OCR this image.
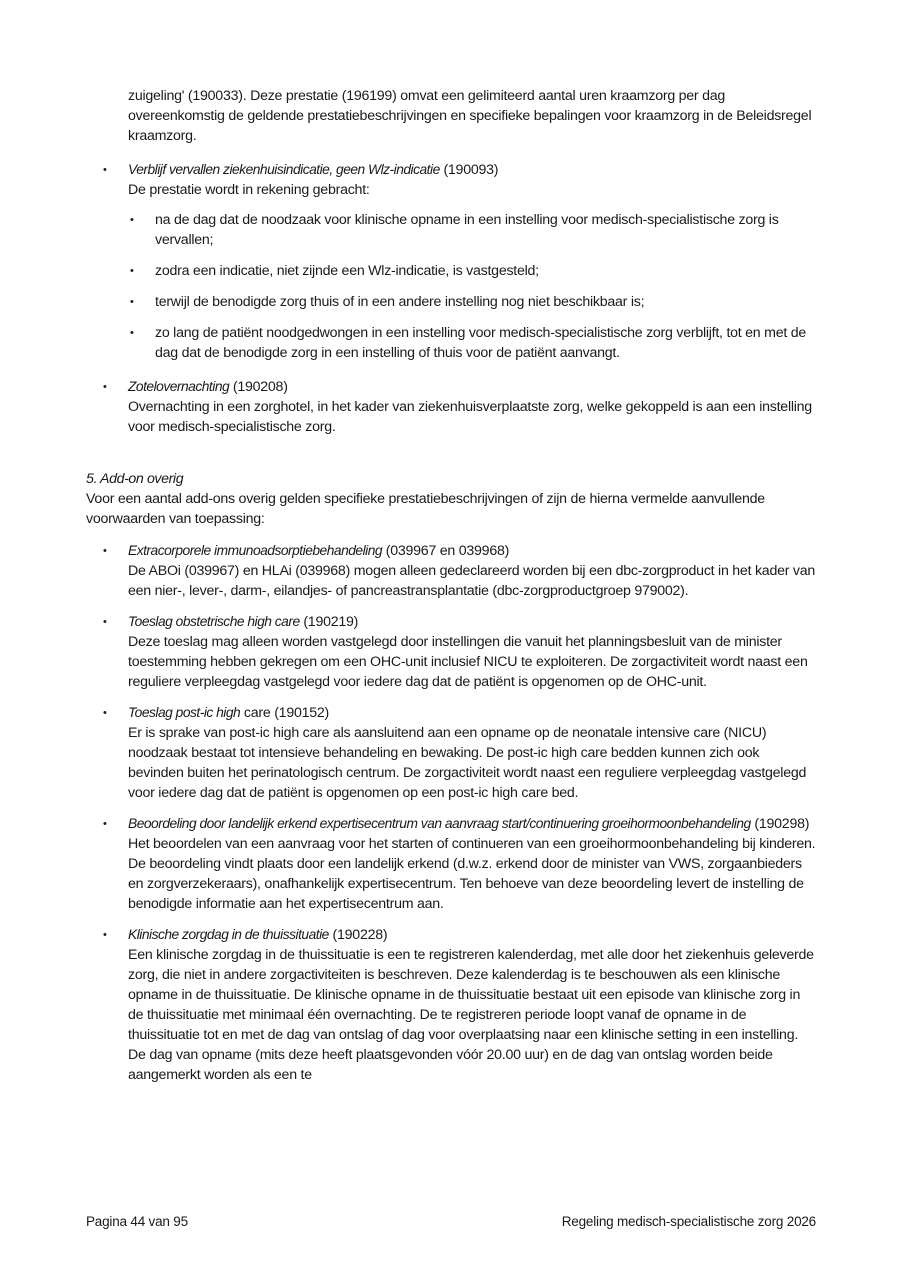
zuigeling' (190033). Deze prestatie (196199) omvat een gelimiteerd aantal uren kraamzorg per dag overeenkomstig de geldende prestatiebeschrijvingen en specifieke bepalingen voor kraamzorg in de Beleidsregel kraamzorg.

• Verblijf vervallen ziekenhuisindicatie, geen Wlz-indicatie (190093)

De prestatie wordt in rekening gebracht:

• na de dag dat de noodzaak voor klinische opname in een instelling voor medisch-specialistische zorg is vervallen;
• zodra een indicatie, niet zijnde een Wlz-indicatie, is vastgesteld;
• terwijl de benodigde zorg thuis of in een andere instelling nog niet beschikbaar is;
• zo lang de patiënt noodgedwongen in een instelling voor medisch-specialistische zorg verblijft, tot en met de dag dat de benodigde zorg in een instelling of thuis voor de patiënt aanvangt.
• Zotelovernachting (190208)

Overnachting in een zorghotel, in het kader van ziekenhuisverplaatste zorg, welke gekoppeld is aan een instelling voor medisch-specialistische zorg.

5. Add-on overig

Voor een aantal add-ons overig gelden specifieke prestatiebeschrijvingen of zijn de hierna vermelde aanvullende voorwaarden van toepassing:

• Extracorporele immunoadsorptiebehandeling (039967 en 039968)

De ABOi (039967) en HLAi (039968) mogen alleen gedeclareerd worden bij een dbc-zorgproduct in het kader van een nier-, lever-, darm-, eilandjes- of pancreastransplantatie (dbc-zorgproductgroep 979002).

• Toeslag obstetrische high care (190219)

Deze toeslag mag alleen worden vastgelegd door instellingen die vanuit het planningsbesluit van de minister toestemming hebben gekregen om een OHC-unit inclusief NICU te exploiteren. De zorgactiviteit wordt naast een reguliere verpleegdag vastgelegd voor iedere dag dat de patiënt is opgenomen op de OHC-unit.

• Toeslag post-ic high care (190152)

Er is sprake van post-ic high care als aansluitend aan een opname op de neonatale intensive care (NICU) noodzaak bestaat tot intensieve behandeling en bewaking. De post-ic high care bedden kunnen zich ook bevinden buiten het perinatologisch centrum. De zorgactiviteit wordt naast een reguliere verpleegdag vastgelegd voor iedere dag dat de patiënt is opgenomen op een post-ic high care bed.

• Beoordeling door landelijk erkend expertisecentrum van aanvraag start/continuering groeihormoonbehandeling (190298)

Het beoordelen van een aanvraag voor het starten of continueren van een groeihormoonbehandeling bij kinderen. De beoordeling vindt plaats door een landelijk erkend (d.w.z. erkend door de minister van VWS, zorgaanbieders en zorgverzekeraars), onafhankelijk expertisecentrum. Ten behoeve van deze beoordeling levert de instelling de benodigde informatie aan het expertisecentrum aan.

• Klinische zorgdag in de thuissituatie (190228)

Een klinische zorgdag in de thuissituatie is een te registreren kalenderdag, met alle door het ziekenhuis geleverde zorg, die niet in andere zorgactiviteiten is beschreven. Deze kalenderdag is te beschouwen als een klinische opname in de thuissituatie. De klinische opname in de thuissituatie bestaat uit een episode van klinische zorg in de thuissituatie met minimaal één overnachting. De te registreren periode loopt vanaf de opname in de thuissituatie tot en met de dag van ontslag of dag voor overplaatsing naar een klinische setting in een instelling. De dag van opname (mits deze heeft plaatsgevonden vóór 20.00 uur) en de dag van ontslag worden beide aangemerkt worden als een te

Pagina 44 van 95	Regeling medisch-specialistische zorg 2026
